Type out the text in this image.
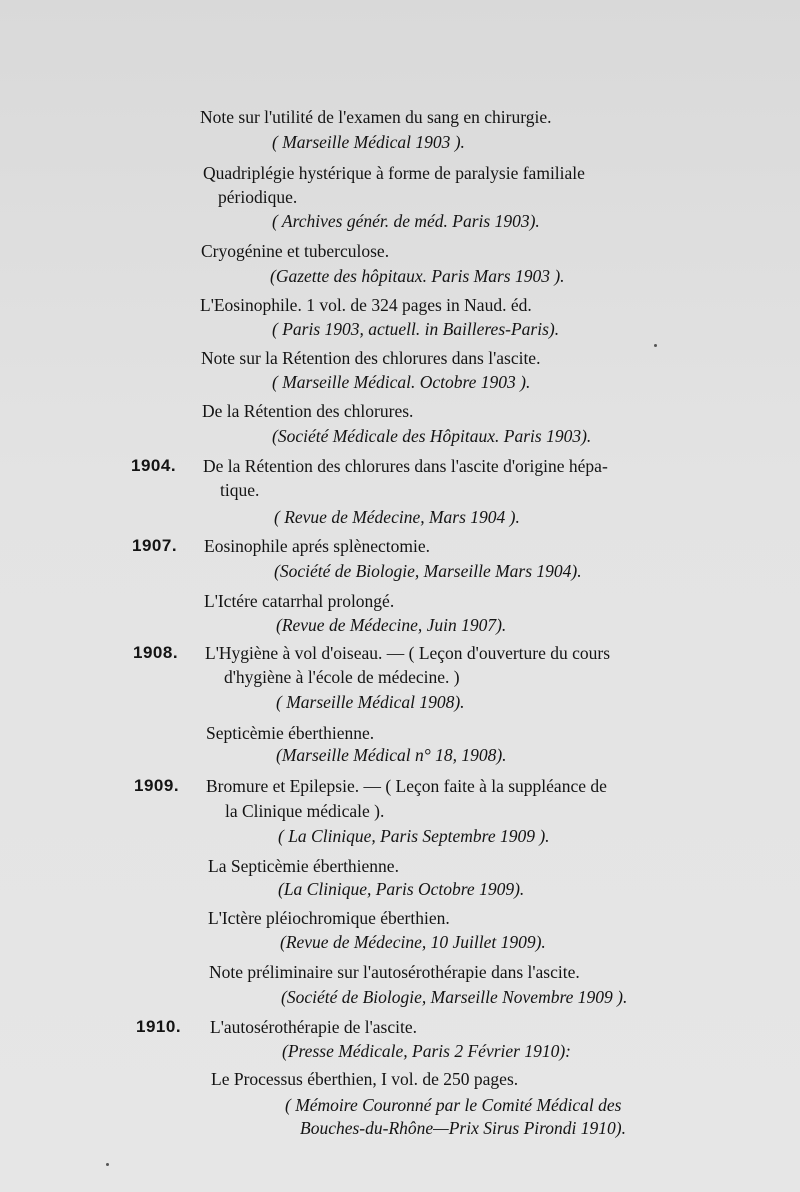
Note sur l'utilité de l'examen du sang en chirurgie.
( Marseille Médical 1903 ).
Quadriplégie hystérique à forme de paralysie familiale
périodique.
( Archives génér. de méd. Paris 1903).
Cryogénine et tuberculose.
(Gazette des hôpitaux. Paris Mars 1903 ).
L'Eosinophile. 1 vol. de 324 pages in Naud. éd.
( Paris 1903, actuell. in Bailleres-Paris).
Note sur la Rétention des chlorures dans l'ascite.
( Marseille Médical. Octobre 1903 ).
De la Rétention des chlorures.
(Société Médicale des Hôpitaux. Paris 1903).
1904. De la Rétention des chlorures dans l'ascite d'origine hépa-
tique.
( Revue de Médecine, Mars 1904 ).
1907. Eosinophile aprés splènectomie.
(Société de Biologie, Marseille Mars 1904).
L'Ictére catarrhal prolongé.
(Revue de Médecine, Juin 1907).
1908. L'Hygiène à vol d'oiseau. — ( Leçon d'ouverture du cours
d'hygiène à l'école de médecine. )
( Marseille Médical 1908).
Septicèmie éberthienne.
(Marseille Médical n° 18, 1908).
1909. Bromure et Epilepsie. — ( Leçon faite à la suppléance de
la Clinique médicale ).
( La Clinique, Paris Septembre 1909 ).
La Septicèmie éberthienne.
(La Clinique, Paris Octobre 1909).
L'Ictère pléiochromique éberthien.
(Revue de Médecine, 10 Juillet 1909).
Note préliminaire sur l'autosérothérapie dans l'ascite.
(Société de Biologie, Marseille Novembre 1909 ).
1910. L'autosérothérapie de l'ascite.
(Presse Médicale, Paris 2 Février 1910):
Le Processus éberthien, I vol. de 250 pages.
( Mémoire Couronné par le Comité Médical des
Bouches-du-Rhône—Prix Sirus Pirondi 1910).
